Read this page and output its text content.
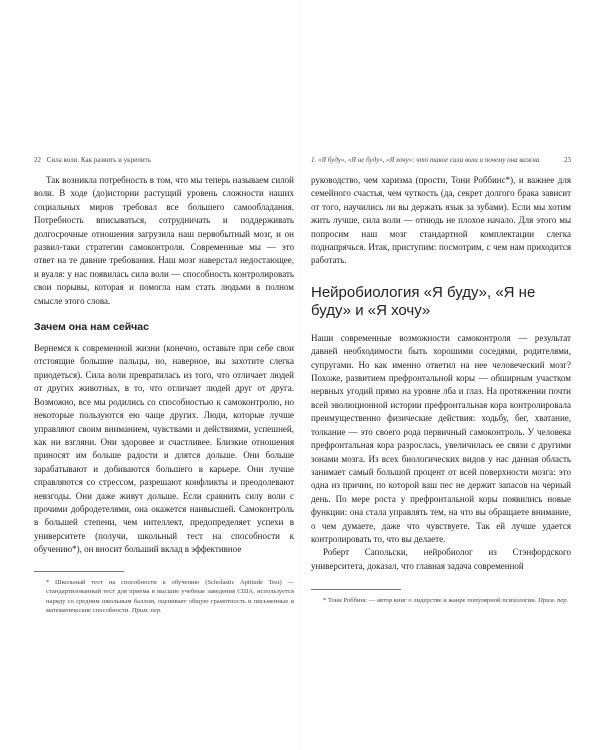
22 Сила воли. Как развить и укрепить

Так возникла потребность в том, что мы теперь называем силой воли. В ходе (до)истории растущий уровень сложности наших социальных миров требовал все большего самообладания. Потребность вписываться, сотрудничать и поддерживать долгосрочные отношения загрузила наш первобытный мозг, и он развил-таки стратегии самоконтроля. Современные мы — это ответ на те давние требования. Наш мозг наверстал недостающее, и вуаля: у нас появилась сила воли — способность контролировать свои порывы, которая и помогла нам стать людьми в полном смысле этого слова.

Зачем она нам сейчас

Вернемся к современной жизни (конечно, оставьте при себе свои отстоящие большие пальцы, но, наверное, вы захотите слегка приодеться). Сила воли превратилась из того, что отличает людей от других животных, в то, что отличает людей друг от друга. Возможно, все мы родились со способностью к самоконтролю, но некоторые пользуются ею чаще других. Люди, которые лучше управляют своим вниманием, чувствами и действиями, успешней, как ни взгляни. Они здоровее и счастливее. Близкие отношения приносят им больше радости и длятся дольше. Они больше зарабатывают и добиваются большего в карьере. Они лучше справляются со стрессом, разрешают конфликты и преодолевают невзгоды. Они даже живут дольше. Если сравнить силу воли с прочими добродетелями, она окажется наивысшей. Самоконтроль в большей степени, чем интеллект, предопределяет успехи в университете (получи, школьный тест на способности к обучению*), он вносит больший вклад в эффективное

* Школьный тест на способности к обучению (Scholastic Aptitude Test) — стандартизованный тест для приема в высшие учебные заведения США, используется наряду со средним школьным баллом, оценивает общую грамотность и письменные и математические способности. Прим. пер.

1. «Я буду», «Я не буду», «Я хочу»: что такое сила воли и почему она важна	23

руководство, чем харизма (прости, Тони Роббинс*), и важнее для семейного счастья, чем чуткость (да, секрет долгого брака зависит от того, научились ли вы держать язык за зубами). Если мы хотим жить лучше, сила воли — отнюдь не плохое начало. Для этого мы попросим наш мозг стандартной комплектации слегка поднапрячься. Итак, приступим: посмотрим, с чем нам приходится работать.

Нейробиология «Я буду», «Я не буду» и «Я хочу»

Наши современные возможности самоконтроля — результат давней необходимости быть хорошими соседями, родителями, супругами. Но как именно ответил на нее человеческий мозг? Похоже, развитием префронтальной коры — обширным участком нервных угодий прямо на уровне лба и глаз. На протяжении почти всей эволюционной истории префронтальная кора контролировала преимущественно физические действия: ходьбу, бег, хватание, толкание — это своего рода первичный самоконтроль. У человека префронтальная кора разрослась, увеличилась ее связи с другими зонами мозга. Из всех биологических видов у нас данная область занимает самый большой процент от всей поверхности мозга: это одна из причин, по которой ваш пес не держит запасов на черный день. По мере роста у префронтальной коры появились новые функции: она стала управлять тем, на что вы обращаете внимание, о чем думаете, даже что чувствуете. Так ей лучше удается контролировать то, что вы делаете.

Роберт Сапольски, нейробиолог из Стэнфордского университета, доказал, что главная задача современной

* Тони Роббинс — автор книг о лидерстве и жанре популярной психологии. Прим. пер.
